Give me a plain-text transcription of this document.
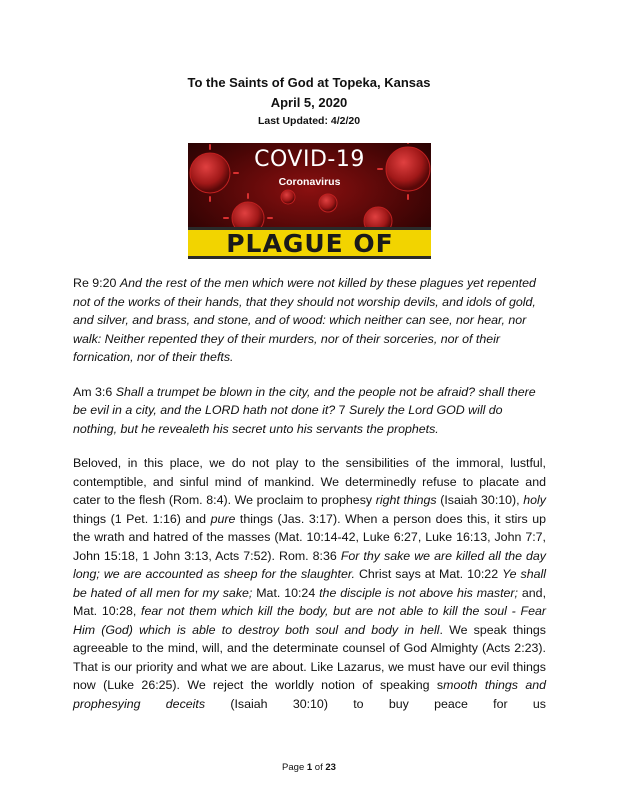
To the Saints of God at Topeka, Kansas
April 5, 2020
Last Updated: 4/2/20
COVID-19
Coronavirus
PLAGUE OF

Re 9:20 And the rest of the men which were not killed by these plagues yet repented not of the works of their hands, that they should not worship devils, and idols of gold, and silver, and brass, and stone, and of wood: which neither can see, nor hear, nor walk: Neither repented they of their murders, nor of their sorceries, nor of their fornication, nor of their thefts.

Am 3:6 Shall a trumpet be blown in the city, and the people not be afraid? shall there be evil in a city, and the LORD hath not done it? 7 Surely the Lord GOD will do nothing, but he revealeth his secret unto his servants the prophets.

Beloved, in this place, we do not play to the sensibilities of the immoral, lustful, contemptible, and sinful mind of mankind. We determinedly refuse to placate and cater to the flesh (Rom. 8:4). We proclaim to prophesy right things (Isaiah 30:10), holy things (1 Pet. 1:16) and pure things (Jas. 3:17). When a person does this, it stirs up the wrath and hatred of the masses (Mat. 10:14-42, Luke 6:27, Luke 16:13, John 7:7, John 15:18, 1 John 3:13, Acts 7:52). Rom. 8:36 For thy sake we are killed all the day long; we are accounted as sheep for the slaughter. Christ says at Mat. 10:22 Ye shall be hated of all men for my sake; Mat. 10:24 the disciple is not above his master; and, Mat. 10:28, fear not them which kill the body, but are not able to kill the soul - Fear Him (God) which is able to destroy both soul and body in hell. We speak things agreeable to the mind, will, and the determinate counsel of God Almighty (Acts 2:23). That is our priority and what we are about. Like Lazarus, we must have our evil things now (Luke 26:25). We reject the worldly notion of speaking smooth things and prophesying deceits (Isaiah 30:10) to buy peace for us

Page 1 of 23
